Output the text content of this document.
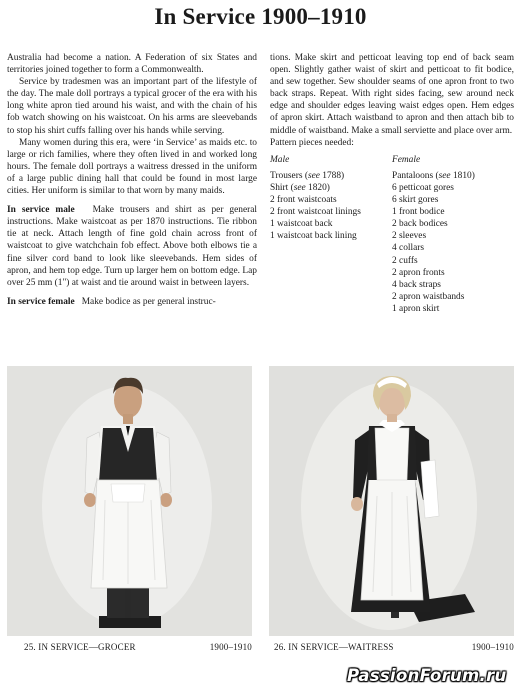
In Service 1900–1910

Australia had become a nation. A Federation of six States and territories joined together to form a Commonwealth.

Service by tradesmen was an important part of the lifestyle of the day. The male doll portrays a typical grocer of the era with his long white apron tied around his waist, and with the chain of his fob watch showing on his waistcoat. On his arms are sleevebands to stop his shirt cuffs falling over his hands while serving.

Many women during this era, were ‘in Service’ as maids etc. to large or rich families, where they often lived in and worked long hours. The female doll portrays a waitress dressed in the uniform of a large public dining hall that could be found in most large cities. Her uniform is similar to that worn by many maids.

In service male Make trousers and shirt as per general instructions. Make waistcoat as per 1870 instructions. Tie ribbon tie at neck. Attach length of fine gold chain across front of waistcoat to give watchchain fob effect. Above both elbows tie a fine silver cord band to look like sleevebands. Hem sides of apron, and hem top edge. Turn up larger hem on bottom edge. Lap over 25 mm (1") at waist and tie around waist in between layers.

In service female Make bodice as per general instruc-

tions. Make skirt and petticoat leaving top end of back seam open. Slightly gather waist of skirt and petticoat to fit bodice, and sew together. Sew shoulder seams of one apron front to two back straps. Repeat. With right sides facing, sew around neck edge and shoulder edges leaving waist edges open. Hem edges of apron skirt. Attach waistband to apron and then attach bib to middle of waistband. Make a small serviette and place over arm.

Pattern pieces needed:

Male
Trousers (see 1788)
Shirt (see 1820)
2 front waistcoats
2 front waistcoat linings
1 waistcoat back
1 waistcoat back lining
Female
Pantaloons (see 1810)
6 petticoat gores
6 skirt gores
1 front bodice
2 back bodices
2 sleeves
4 collars
2 cuffs
2 apron fronts
4 back straps
2 apron waistbands
1 apron skirt
25. IN SERVICE—GROCER	1900–1910 26. IN SERVICE—WAITRESS	1900–1910
PassionForum.ru
